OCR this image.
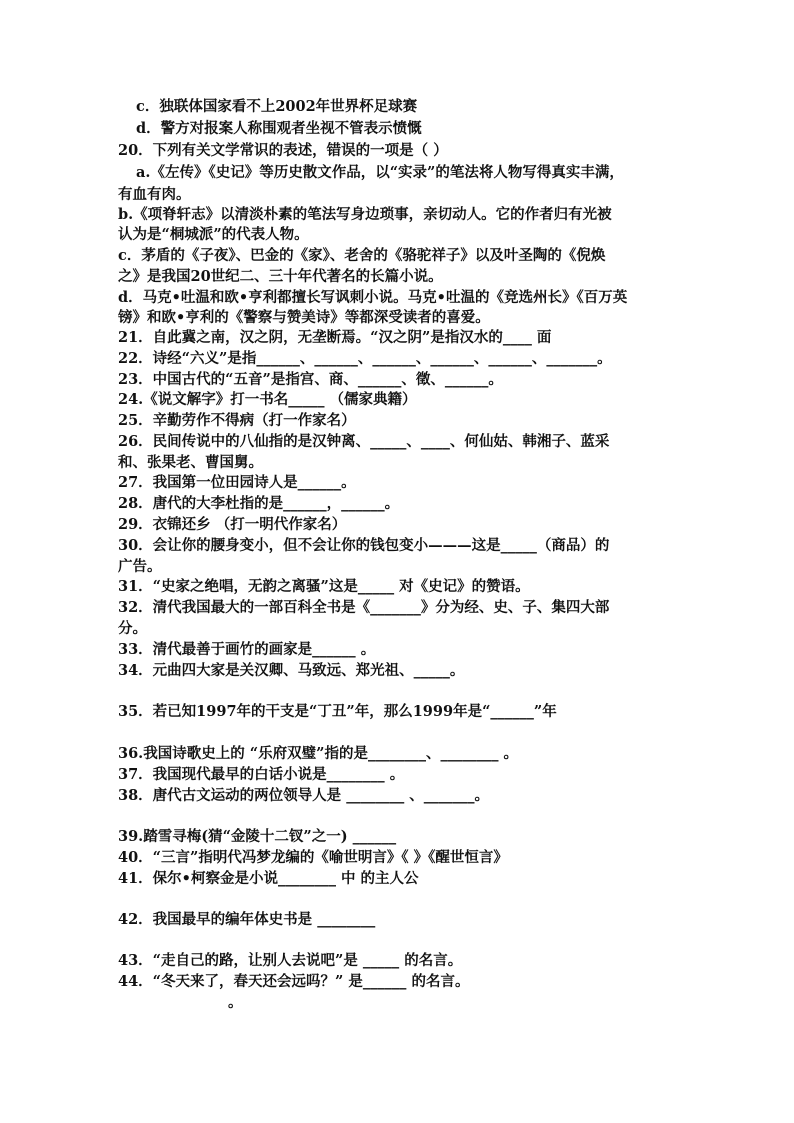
c．独联体国家看不上2002年世界杯足球赛
d．警方对报案人称围观者坐视不管表示愤慨
20．下列有关文学常识的表述，错误的一项是（ ）
a.《左传》《史记》等历史散文作品，以“实录”的笔法将人物写得真实丰满，
有血有肉。
b.《项脊轩志》以清淡朴素的笔法写身边琐事，亲切动人。它的作者归有光被
认为是“桐城派”的代表人物。
c．茅盾的《子夜》、巴金的《家》、老舍的《骆驼祥子》以及叶圣陶的《倪焕
之》是我国20世纪二、三十年代著名的长篇小说。
d．马克•吐温和欧•亨利都擅长写讽刺小说。马克•吐温的《竞选州长》《百万英
镑》和欧•亨利的《警察与赞美诗》等都深受读者的喜爱。
21．自此冀之南，汉之阴，无垄断焉。“汉之阴”是指汉水的____ 面
22．诗经“六义”是指______、______、______、______、______、_______。
23．中国古代的“五音”是指宫、商、______、徵、______。
24.《说文解字》打一书名_____ （儒家典籍）
25．辛勤劳作不得病（打一作家名）
26．民间传说中的八仙指的是汉钟离、_____、____、何仙姑、韩湘子、蓝采
和、张果老、曹国舅。
27．我国第一位田园诗人是______。
28．唐代的大李杜指的是______，______。
29．衣锦还乡 （打一明代作家名）
30．会让你的腰身变小，但不会让你的钱包变小———这是_____（商品）的
广告。
31．“史家之绝唱，无韵之离骚”这是_____ 对《史记》的赞语。
32．清代我国最大的一部百科全书是《_______》分为经、史、子、集四大部
分。
33．清代最善于画竹的画家是______ 。
34．元曲四大家是关汉卿、马致远、郑光祖、_____。
35．若已知1997年的干支是“丁丑”年，那么1999年是“______”年
36.我国诗歌史上的 “乐府双璧”指的是________、________ 。
37．我国现代最早的白话小说是________ 。
38．唐代古文运动的两位领导人是 ________ 、_______。
39.踏雪寻梅(猜“金陵十二钗”之一) ______
40．“三言”指明代冯梦龙编的《喻世明言》《 》《醒世恒言》
41．保尔•柯察金是小说________ 中 的主人公
42．我国最早的编年体史书是 ________
43．“走自己的路，让别人去说吧”是 _____ 的名言。
44．“冬天来了，春天还会远吗？” 是______ 的名言。
。
